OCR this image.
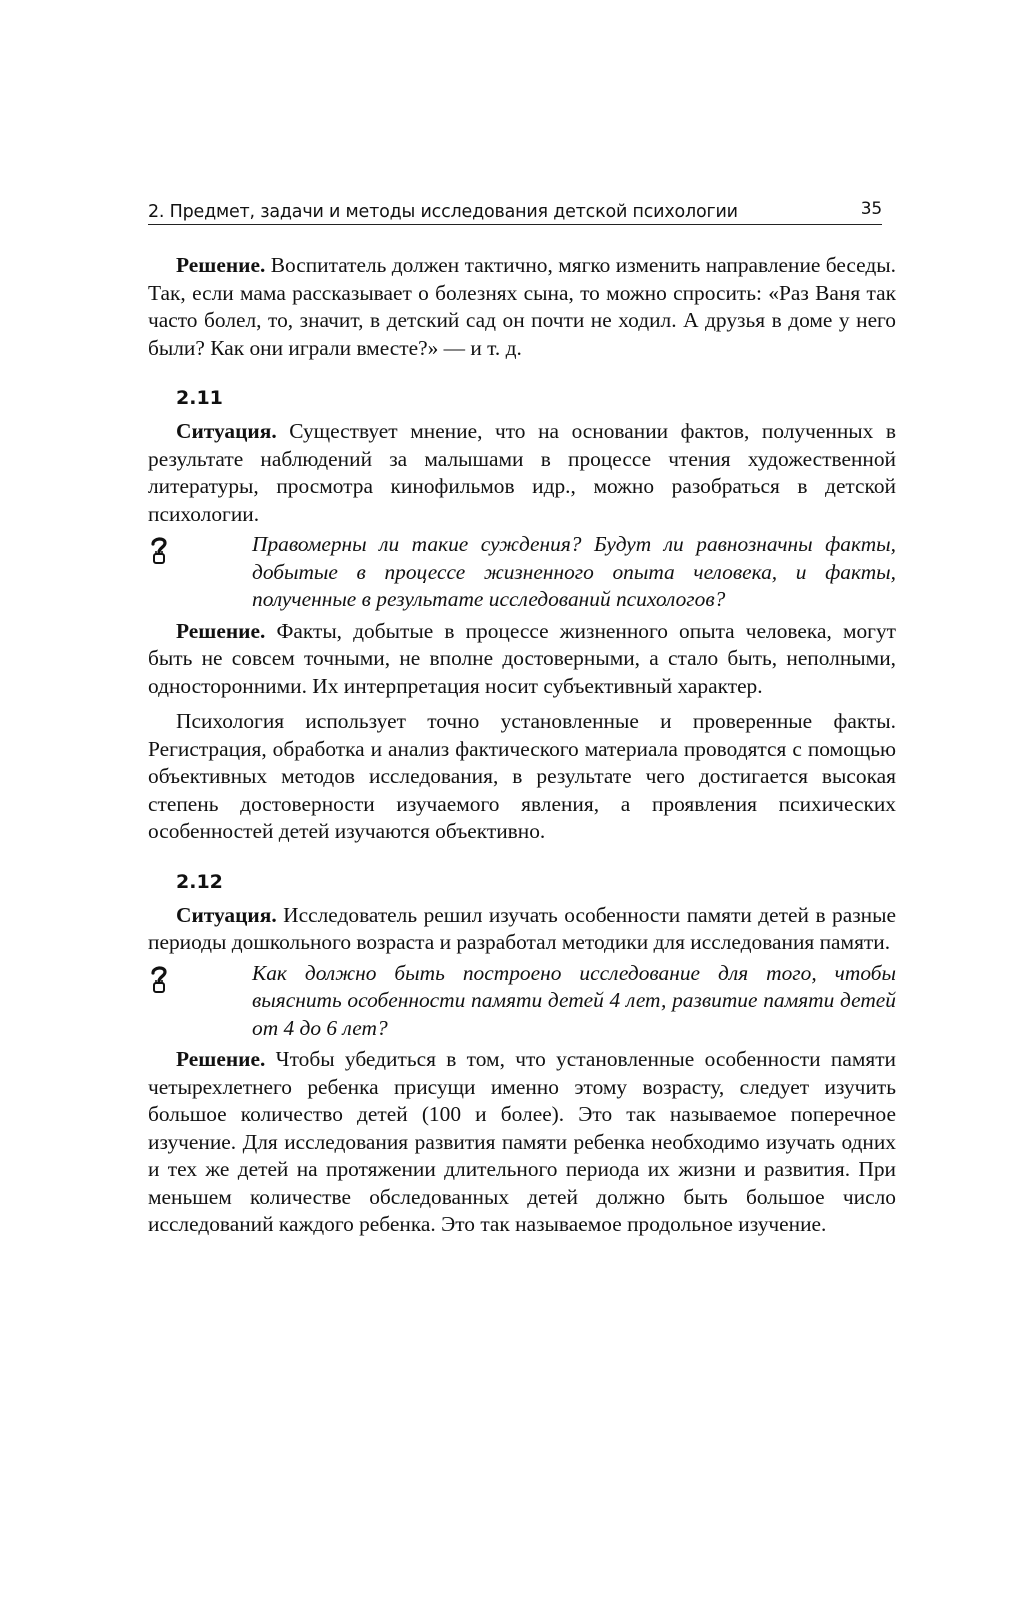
2. Предмет, задачи и методы исследования детской психологии	35

Решение. Воспитатель должен тактично, мягко изменить направление беседы. Так, если мама рассказывает о болезнях сына, то можно спросить: «Раз Ваня так часто болел, то, значит, в детский сад он почти не ходил. А друзья в доме у него были? Как они играли вместе?» — и т. д.

2.11

Ситуация. Существует мнение, что на основании фактов, полученных в результате наблюдений за малышами в процессе чтения художественной литературы, просмотра кинофильмов идр., можно разобраться в детской психологии.

Правомерны ли такие суждения? Будут ли равнозначны факты, добытые в процессе жизненного опыта человека, и факты, полученные в результате исследований психологов?

Решение. Факты, добытые в процессе жизненного опыта человека, могут быть не совсем точными, не вполне достоверными, а стало быть, неполными, односторонними. Их интерпретация носит субъективный характер.

Психология использует точно установленные и проверенные факты. Регистрация, обработка и анализ фактического материала проводятся с помощью объективных методов исследования, в результате чего достигается высокая степень достоверности изучаемого явления, а проявления психических особенностей детей изучаются объективно.

2.12

Ситуация. Исследователь решил изучать особенности памяти детей в разные периоды дошкольного возраста и разработал методики для исследования памяти.

Как должно быть построено исследование для того, чтобы выяснить особенности памяти детей 4 лет, развитие памяти детей от 4 до 6 лет?

Решение. Чтобы убедиться в том, что установленные особенности памяти четырехлетнего ребенка присущи именно этому возрасту, следует изучить большое количество детей (100 и более). Это так называемое поперечное изучение. Для исследования развития памяти ребенка необходимо изучать одних и тех же детей на протяжении длительного периода их жизни и развития. При меньшем количестве обследованных детей должно быть большое число исследований каждого ребенка. Это так называемое продольное изучение.
